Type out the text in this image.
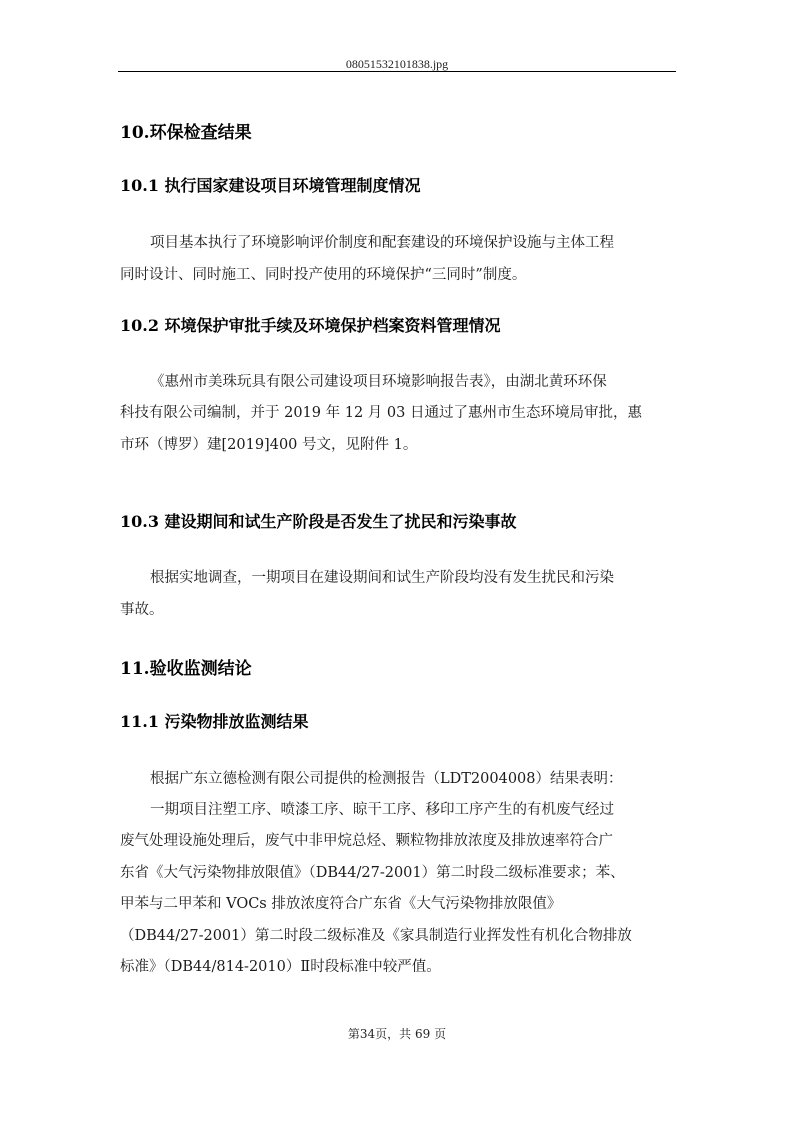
08051532101838.jpg
10.环保检查结果
10.1 执行国家建设项目环境管理制度情况
项目基本执行了环境影响评价制度和配套建设的环境保护设施与主体工程
同时设计、同时施工、同时投产使用的环境保护“三同时”制度。
10.2 环境保护审批手续及环境保护档案资料管理情况
《惠州市美珠玩具有限公司建设项目环境影响报告表》，由湖北黄环环保
科技有限公司编制，并于 2019 年 12 月 03 日通过了惠州市生态环境局审批，惠
市环（博罗）建[2019]400 号文，见附件 1。
10.3 建设期间和试生产阶段是否发生了扰民和污染事故
根据实地调查，一期项目在建设期间和试生产阶段均没有发生扰民和污染
事故。
11.验收监测结论
11.1 污染物排放监测结果
根据广东立德检测有限公司提供的检测报告（LDT2004008）结果表明：
一期项目注塑工序、喷漆工序、晾干工序、移印工序产生的有机废气经过
废气处理设施处理后，废气中非甲烷总烃、颗粒物排放浓度及排放速率符合广
东省《大气污染物排放限值》（DB44/27-2001）第二时段二级标准要求；苯、
甲苯与二甲苯和 VOCs 排放浓度符合广东省《大气污染物排放限值》
（DB44/27-2001）第二时段二级标准及《家具制造行业挥发性有机化合物排放
标准》（DB44/814-2010）Ⅱ时段标准中较严值。
第34页，共 69 页
